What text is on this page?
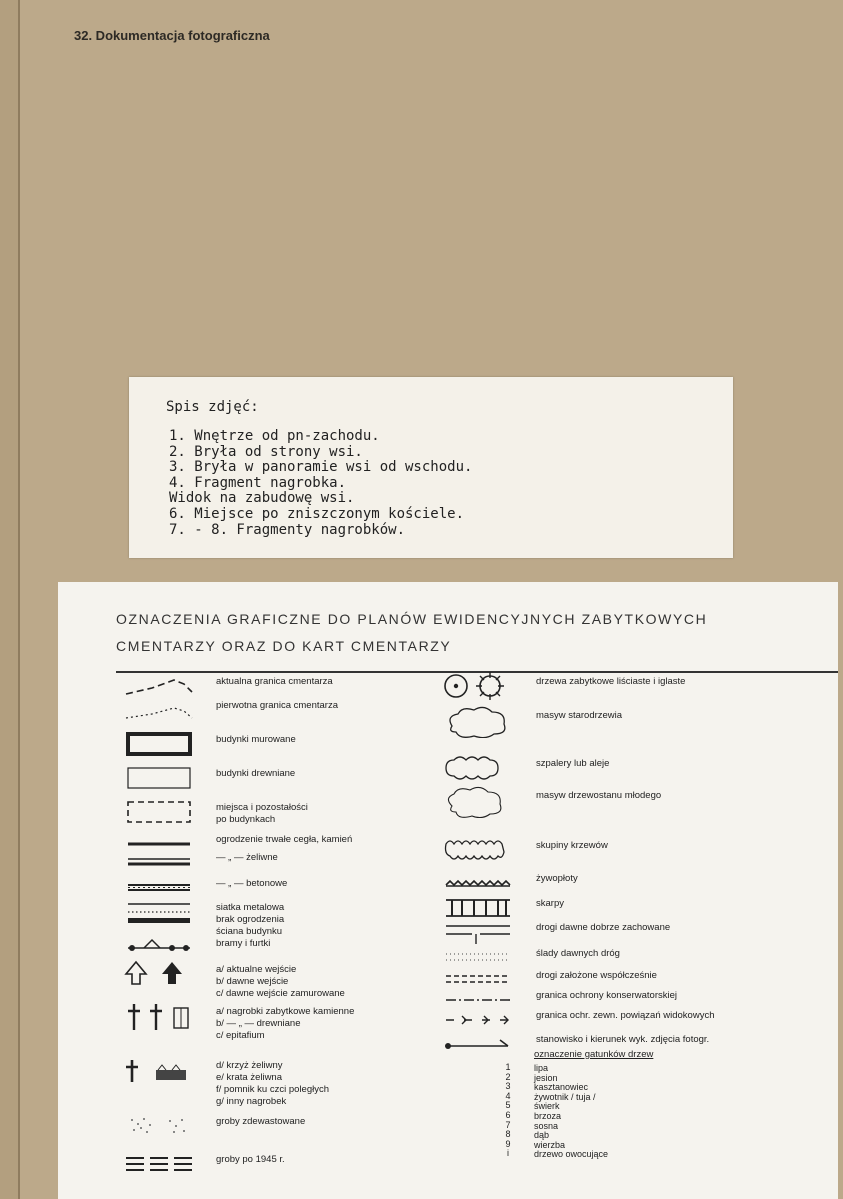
32. Dokumentacja fotograficzna
Spis zdjęć:
1. Wnętrze od pn-zachodu.
2. Bryła od strony wsi.
3. Bryła w panoramie wsi od wschodu.
4. Fragment nagrobka.
Widok na zabudowę wsi.
6. Miejsce po zniszczonym kościele.
7. - 8. Fragmenty nagrobków.
OZNACZENIA GRAFICZNE DO PLANÓW EWIDENCYJNYCH ZABYTKOWYCH
CMENTARZY ORAZ DO KART CMENTARZY
aktualna granica cmentarza
pierwotna granica cmentarza
budynki murowane
budynki drewniane
miejsca i pozostałości
po budynkach
ogrodzenie trwałe cegła, kamień
— „ — żeliwne
— „ — betonowe
siatka metalowa
brak ogrodzenia
ściana budynku
bramy i furtki
a/ aktualne wejście
b/ dawne wejście
c/ dawne wejście zamurowane
a/ nagrobki zabytkowe kamienne
b/ — „ — drewniane
c/ epitafium
d/ krzyż żeliwny
e/ krata żeliwna
f/ pomnik ku czci poległych
g/ inny nagrobek
groby zdewastowane
groby po 1945 r.
drzewa zabytkowe liściaste i iglaste
masyw starodrzewia
szpalery lub aleje
masyw drzewostanu młodego
skupiny krzewów
żywopłoty
skarpy
drogi dawne dobrze zachowane
ślady dawnych dróg
drogi założone współcześnie
granica ochrony konserwatorskiej
granica ochr. zewn. powiązań widokowych
stanowisko i kierunek wyk. zdjęcia fotogr.
oznaczenie gatunków drzew
1	lipa
2	jesion
3	kasztanowiec
4	żywotnik / tuja /
5	świerk
6	brzoza
7	sosna
8	dąb
9	wierzba
i	drzewo owocujące
